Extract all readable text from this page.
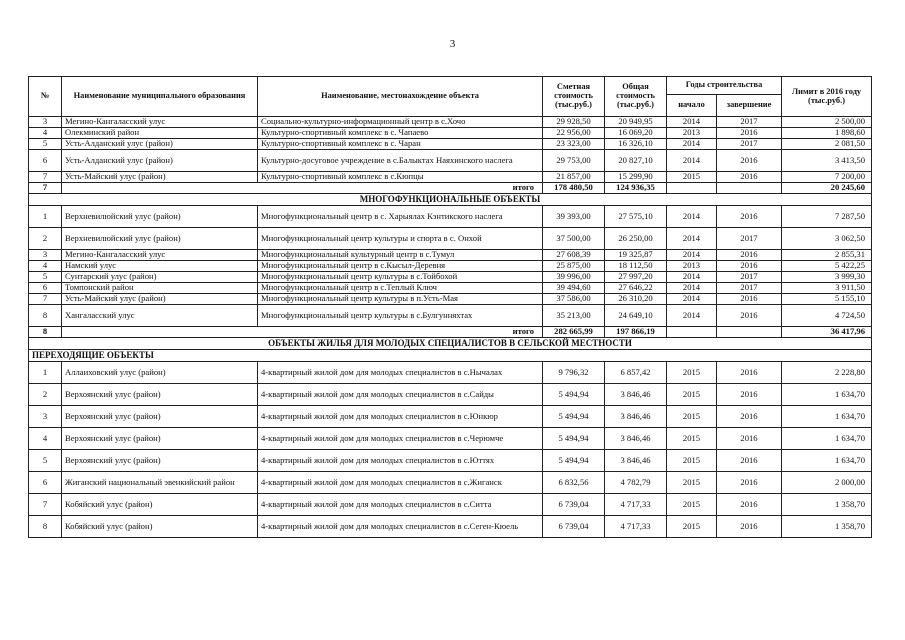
3
№	Наименование муниципального образования	Наименование, местонахождение объекта	Сметная стоимость (тыс.руб.)	Общая стоимость (тыс.руб.)	Годы строительства		Лимит в 2016 году (тыс.руб.)
					начало	завершение	
3	Мегино-Кангаласский улус	Социально-культурно-информационный центр в с.Хочо	29 928,50	20 949,95	2014	2017	2 500,00
4	Олекминский район	Культурно-спортивный комплекс в с. Чапаево	22 956,00	16 069,20	2013	2016	1 898,60
5	Усть-Алданский улус (район)	Культурно-спортивный комплекс в с. Чаран	23 323,00	16 326,10	2014	2017	2 081,50
6	Усть-Алданский улус (район)	Культурно-досуговое учреждение в с.Балыктах Наяхинского наслега	29 753,00	20 827,10	2014	2016	3 413,50
7	Усть-Майский улус (район)	Культурно-спортивный комплекс в с.Кюпцы	21 857,00	15 299,90	2015	2016	7 200,00
7	итого		178 480,50	124 936,35			20 245,60
МНОГОФУНКЦИОНАЛЬНЫЕ ОБЪЕКТЫ							
1	Верхневилюйский улус (район)	Многофункциональный центр в с. Харыялах Кэнтикского наслега	39 393,00	27 575,10	2014	2016	7 287,50
2	Верхневилюйский улус (район)	Многофункциональный центр культуры и спорта в с. Онхой	37 500,00	26 250,00	2014	2017	3 062,50
3	Мегино-Кангаласский улус	Многофункциональный культурный центр в с.Тумул	27 608,39	19 325,87	2014	2016	2 855,31
4	Намский улус	Многофункциональный центр в с.Кысыл-Деревня	25 875,00	18 112,50	2013	2016	5 422,25
5	Сунтарский улус (район)	Многофункциональный центр культуры в с.Тойбохой	39 996,00	27 997,20	2014	2017	3 999,30
6	Томпонский район	Многофункциональный центр в с.Теплый Ключ	39 494,60	27 646,22	2014	2017	3 911,50
7	Усть-Майский улус (район)	Многофункциональный центр культуры в п.Усть-Мая	37 586,00	26 310,20	2014	2016	5 155,10
8	Хангаласский улус	Многофункциональный центр культуры в с.Булгунняхтах	35 213,00	24 649,10	2014	2016	4 724,50
8	итого		282 665,99	197 866,19			36 417,96
ОБЪЕКТЫ ЖИЛЬЯ ДЛЯ МОЛОДЫХ СПЕЦИАЛИСТОВ В СЕЛЬСКОЙ МЕСТНОСТИ							
ПЕРЕХОДЯЩИЕ ОБЪЕКТЫ							
1	Аллаиховский улус (район)	4-квартирный жилой дом для молодых специалистов в с.Нычалах	9 796,32	6 857,42	2015	2016	2 228,80
2	Верхоянский улус (район)	4-квартирный жилой дом для молодых специалистов в с.Сайды	5 494,94	3 846,46	2015	2016	1 634,70
3	Верхоянский улус (район)	4-квартирный жилой дом для молодых специалистов в с.Юнкюр	5 494,94	3 846,46	2015	2016	1 634,70
4	Верхоянский улус (район)	4-квартирный жилой дом для молодых специалистов в с.Черюмче	5 494,94	3 846,46	2015	2016	1 634,70
5	Верхоянский улус (район)	4-квартирный жилой дом для молодых специалистов в с.Юттях	5 494,94	3 846,46	2015	2016	1 634,70
6	Жиганский национальный эвенкийский район	4-квартирный жилой дом для молодых специалистов в с.Жиганск	6 832,56	4 782,79	2015	2016	2 000,00
7	Кобяйский улус (район)	4-квартирный жилой дом для молодых специалистов в с.Ситта	6 739,04	4 717,33	2015	2016	1 358,70
8	Кобяйский улус (район)	4-квартирный жилой дом для молодых специалистов в с.Сеген-Кюель	6 739,04	4 717,33	2015	2016	1 358,70
